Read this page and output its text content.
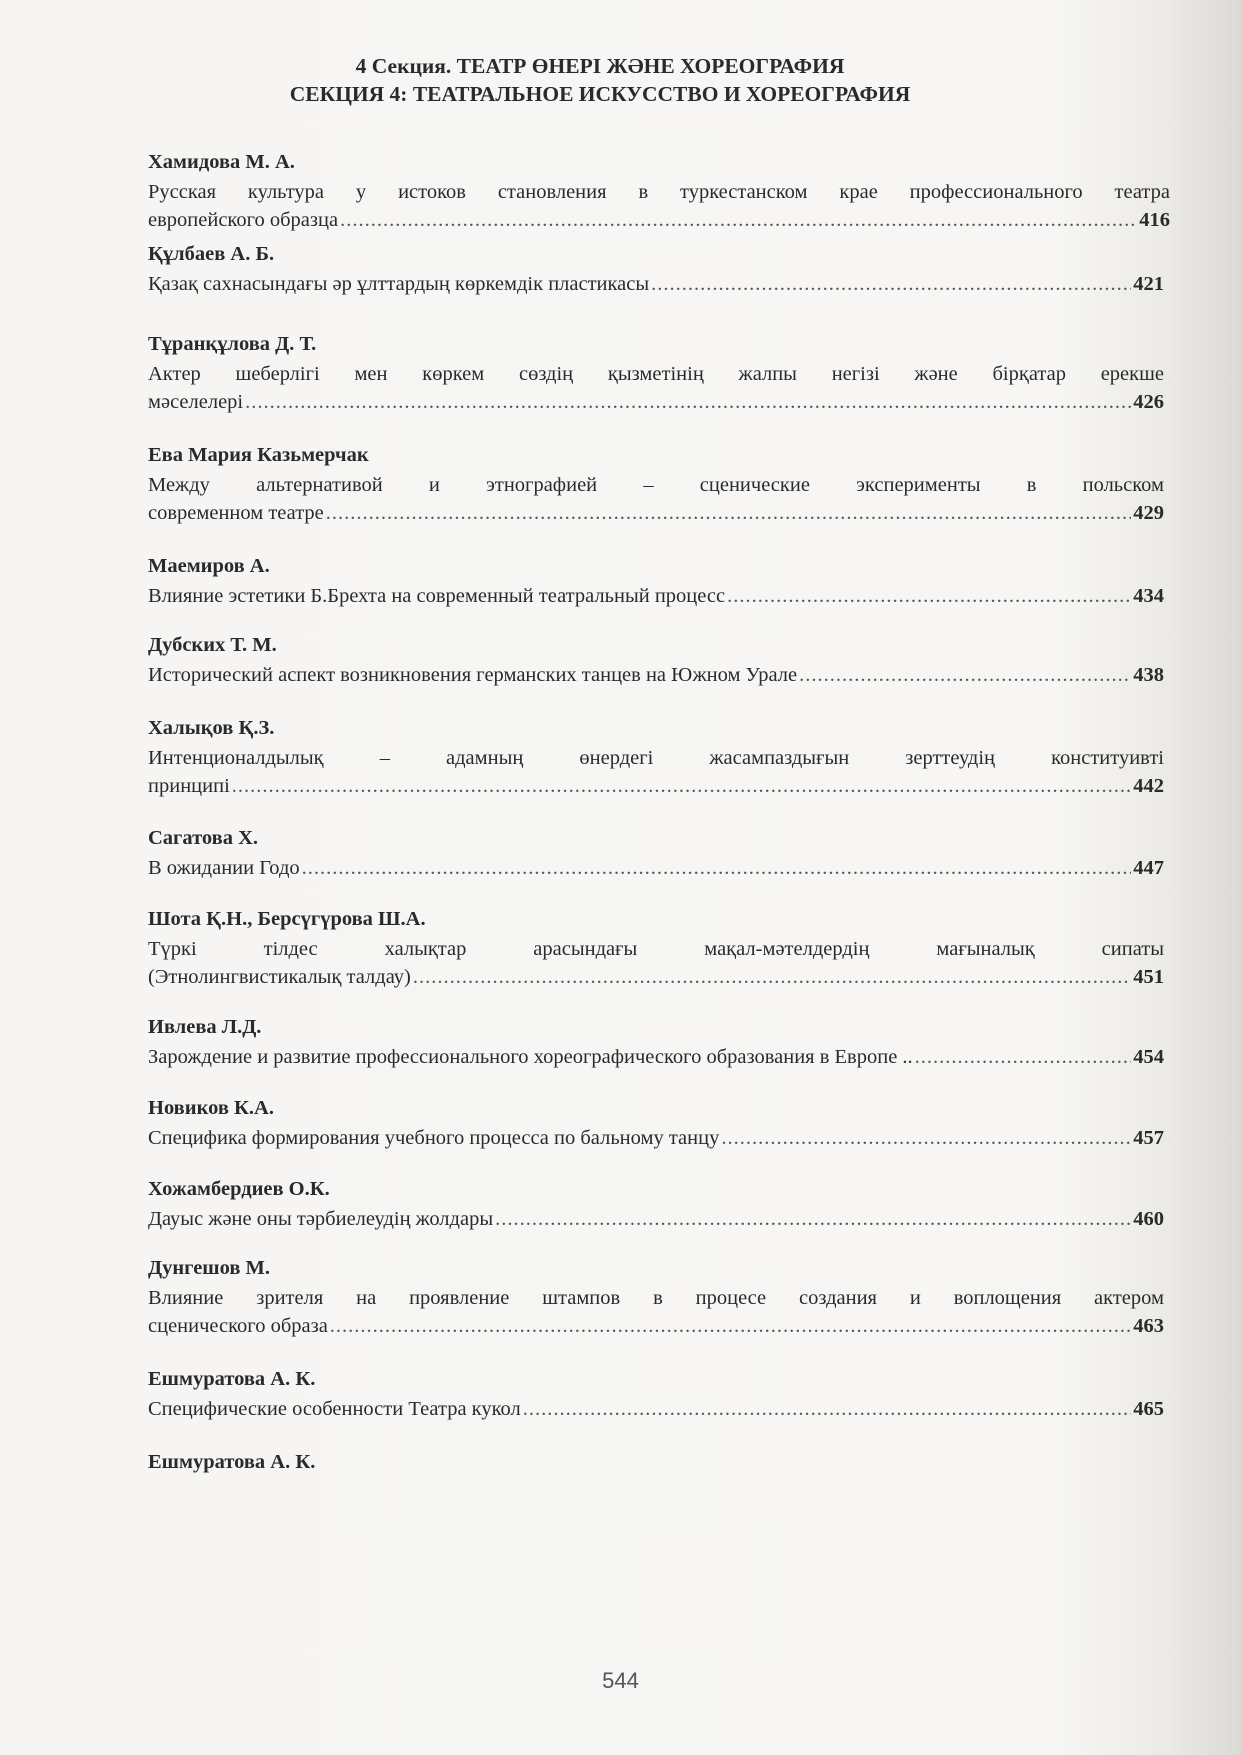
4 Секция. ТЕАТР ӨНЕРІ ЖӘНЕ ХОРЕОГРАФИЯ
СЕКЦИЯ 4: ТЕАТРАЛЬНОЕ ИСКУССТВО И ХОРЕОГРАФИЯ
Хамидова М. А.
Русская культура у истоков становления в туркестанском крае профессионального театра
европейского образца .....	416
Құлбаев А. Б.
Қазақ сахнасындағы әр ұлттардың көркемдік пластикасы .....	421
Тұранқұлова Д. Т.
Актер шеберлігі мен көркем сөздің қызметінің жалпы негізі және бірқатар ерекше
мәселелері .....	426
Ева Мария Казьмерчак
Между альтернативой и этнографией – сценические эксперименты в польском
современном театре .....	429
Маемиров А.
Влияние эстетики Б.Брехта на современный театральный процесс .....	434
Дубских Т. М.
Исторический аспект возникновения германских танцев на Южном Урале .....	438
Халықов Қ.З.
Интенционалдылық – адамның өнердегі жасампаздығын зерттеудің конституивті
принципі .....	442
Сагатова Х.
В ожидании Годо .....	447
Шота Қ.Н., Берсүгүрова Ш.А.
Түркі тілдес халықтар арасындағы мақал-мәтелдердің мағыналық сипаты
(Этнолингвистикалық талдау) .....	451
Ивлева Л.Д.
Зарождение и развитие профессионального хореографического образования в Европе .. .....	454
Новиков К.А.
Специфика формирования учебного процесса по бальному танцу .....	457
Хожамбердиев О.К.
Дауыс және оны тәрбиелеудің жолдары .....	460
Дунгешов М.
Влияние зрителя на проявление штампов в процесе создания и воплощения актером
сценического образа .....	463
Ешмуратова А. К.
Специфические особенности Театра кукол .....	465
Ешмуратова А. К.
544
